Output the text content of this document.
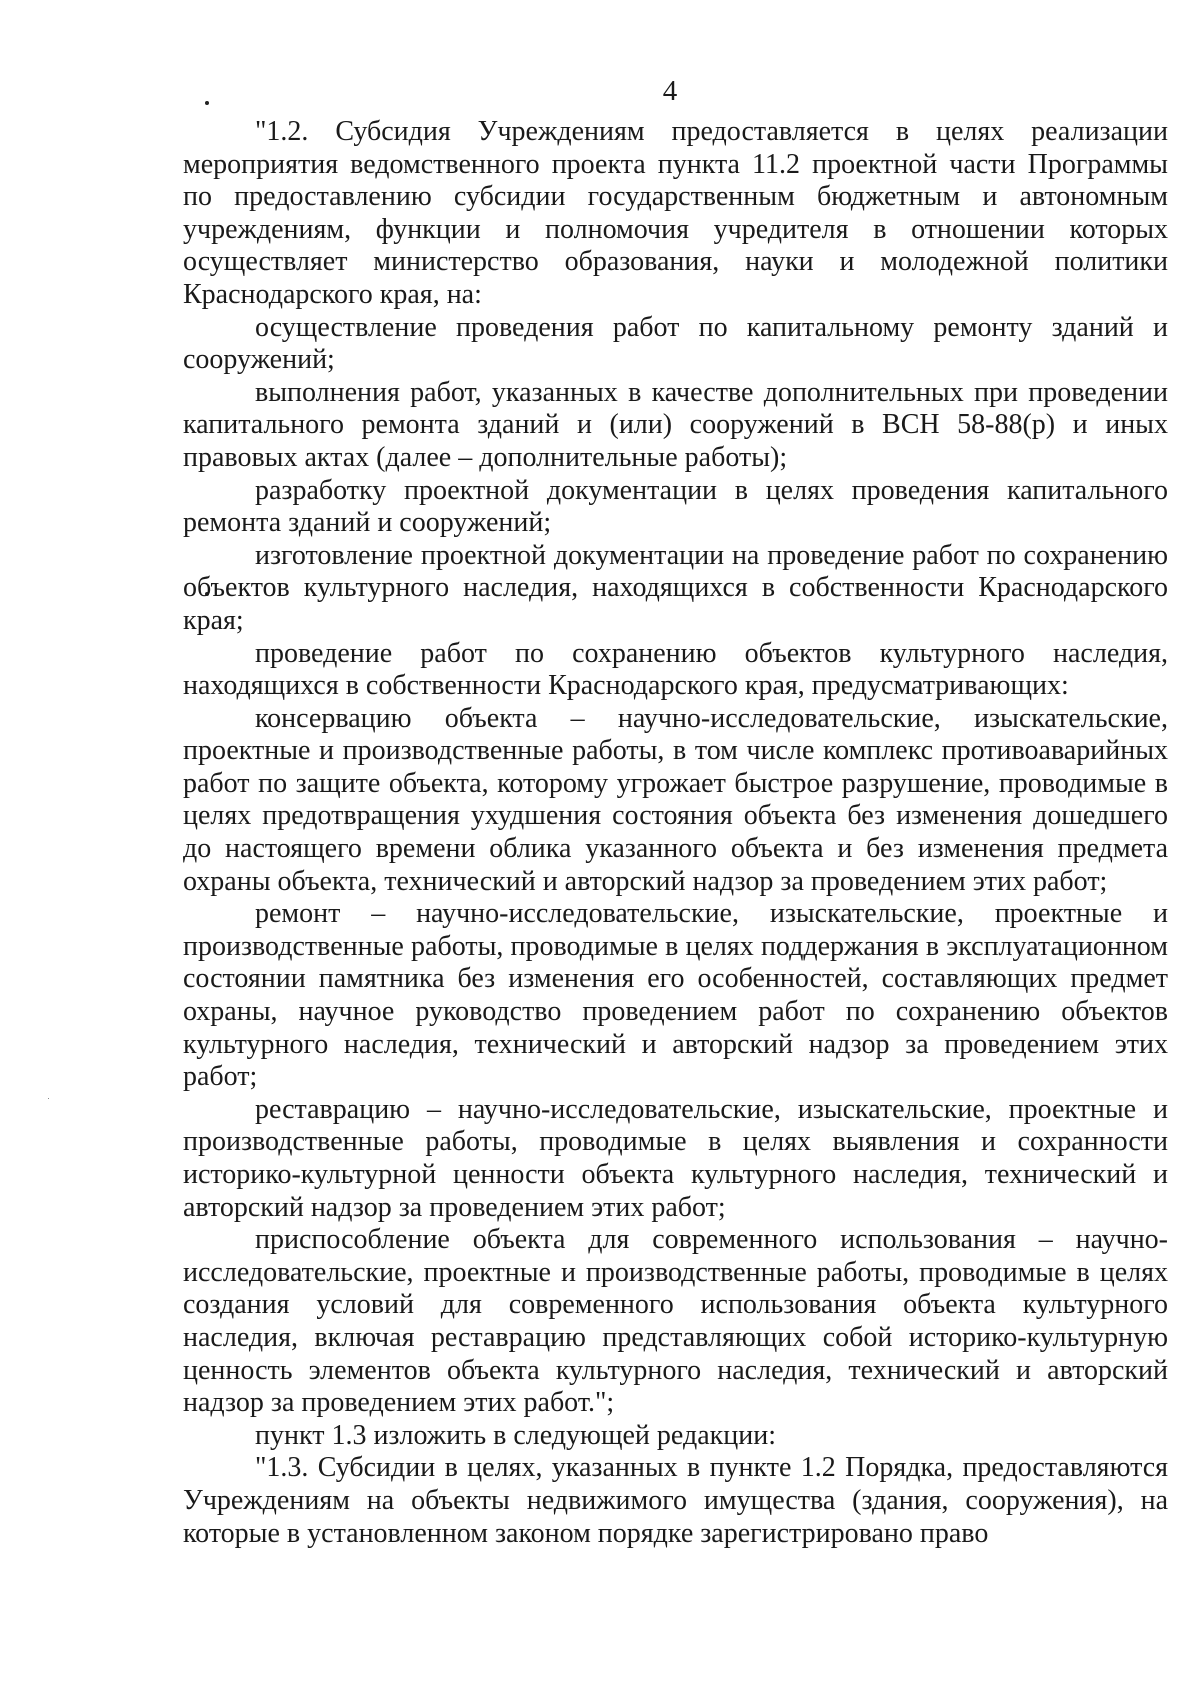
4

"1.2. Субсидия Учреждениям предоставляется в целях реализации мероприятия ведомственного проекта пункта 11.2 проектной части Программы по предоставлению субсидии государственным бюджетным и автономным учреждениям, функции и полномочия учредителя в отношении которых осуществляет министерство образования, науки и молодежной политики Краснодарского края, на:

осуществление проведения работ по капитальному ремонту зданий и сооружений;

выполнения работ, указанных в качестве дополнительных при проведении капитального ремонта зданий и (или) сооружений в ВСН 58-88(р) и иных правовых актах (далее – дополнительные работы);

разработку проектной документации в целях проведения капитального ремонта зданий и сооружений;

изготовление проектной документации на проведение работ по сохранению объектов культурного наследия, находящихся в собственности Краснодарского края;

проведение работ по сохранению объектов культурного наследия, находящихся в собственности Краснодарского края, предусматривающих:

консервацию объекта – научно-исследовательские, изыскательские, проектные и производственные работы, в том числе комплекс противоаварийных работ по защите объекта, которому угрожает быстрое разрушение, проводимые в целях предотвращения ухудшения состояния объекта без изменения дошедшего до настоящего времени облика указанного объекта и без изменения предмета охраны объекта, технический и авторский надзор за проведением этих работ;

ремонт – научно-исследовательские, изыскательские, проектные и производственные работы, проводимые в целях поддержания в эксплуатационном состоянии памятника без изменения его особенностей, составляющих предмет охраны, научное руководство проведением работ по сохранению объектов культурного наследия, технический и авторский надзор за проведением этих работ;

реставрацию – научно-исследовательские, изыскательские, проектные и производственные работы, проводимые в целях выявления и сохранности историко-культурной ценности объекта культурного наследия, технический и авторский надзор за проведением этих работ;

приспособление объекта для современного использования – научно-исследовательские, проектные и производственные работы, проводимые в целях создания условий для современного использования объекта культурного наследия, включая реставрацию представляющих собой историко-культурную ценность элементов объекта культурного наследия, технический и авторский надзор за проведением этих работ.";

пункт 1.3 изложить в следующей редакции:

"1.3. Субсидии в целях, указанных в пункте 1.2 Порядка, предоставляются Учреждениям на объекты недвижимого имущества (здания, сооружения), на которые в установленном законом порядке зарегистрировано право
